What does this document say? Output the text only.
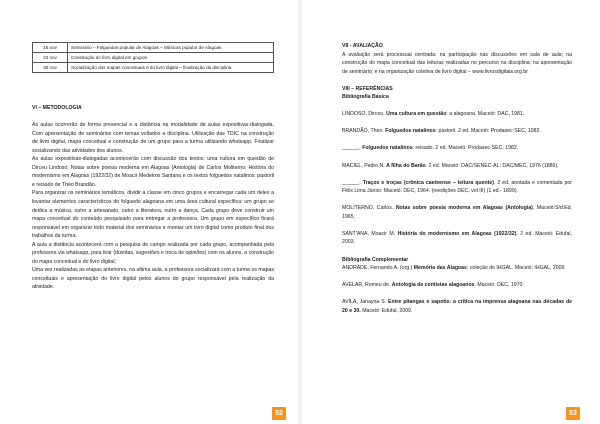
16 nov	Seminário – Folguedos popular de Alagoas – Músicas popular de Alagoas
23 nov	Construção do livro digital em grupos.
30 nov	Socialização dos mapas conceituais e do livro digital – finalização da disciplina.
VI – METODOLOGIA

As aulas ocorrerão de forma presencial e a distância na modalidade de aulas expositivas-dialogada. Com apresentação de seminários com temas voltados a disciplina. Utilização das TDIC na construção de livro digital, mapa conceitual e construção de um grupo para a turma utilizando whatsapp. Finalizar socializando das atividades dos alunos.

As aulas expositivas-dialogadas acontecerão com discussão dos textos: uma cultura em questão de Dirceu Lindoso; Notas sobre poesia moderna em Alagoas (Antologia) de Carlos Moliterno; História do modernismo em Alagoas (1922/32) de Moacir Medeiros Santana e os textos folguedos natalinos: pastoril e reisado de Théo Brandão.

Para organizar os seminários temáticos, dividir a classe em cinco grupos e encarregar cada um deles a levantar elementos característicos do folguedo alagoana em uma área cultural específica: um grupo se dedica a música, outro a artesanato, outro a literatura, outro a dança. Cada grupo deve construir um mapa conceitual do conteúdo pesquisado para entregar a professora. Um grupo em específico ficará responsável em organizar todo material dos seminários e montar um livro digital como produto final dos trabalhos da turma;

A aula a distância acontecerá com a pesquisa de campo realizada por cada grupo, acompanhada pela professora via whatsapp, para tirar (dúvidas, sugestões e troca de opiniões) com os alunos, a construção do mapa conceitual e do livro digital;

Uma vez realizadas as etapas anteriores, na ultima aula, a professora socializará com a turma os mapas conceituais e apresentação do livro digital pelos alunos do grupo responsável pela realização da atividade.

52
VII - AVALIAÇÃO

A avaliação será processual centrada: na participação nas discussões em sala de aula; na construção do mapa conceitual das leituras realizadas no percurso na disciplina; na apresentação de seminário; e na organização coletiva de livro digital – www.livrosdigitais.org.br

VIII – REFERÊNCIAS
Bibliografia Básica

LINDOSO, Dirceu. Uma cultura em questão: a alagoana. Maceió: DAC, 1981.

BRANDÃO, Theo. Folguedos natalinos: pastoril. 2 ed. Maceió: Prodasec-SEC, 1982.

______. Folguedos natalinos: reisado. 2 ed. Maceió: Prodasec-SEC, 1982.

MACIEL, Pedro N. A filha do Barão. 2 ed. Maceió: DAC/SENEC-AL; DAC/MEC, 1976 (1886).

______. Traços e troças (crônica caeteense – leitura quente). 2 ed. anotada e comentada por Félix Lima Júnior. Maceió: DEC, 1964. (reedições DEC, vol III) (1 ed.- 1899).

MOLITERNO, Carlos. Notas sobre poesia moderna em Alagoas (Antologia). Maceió:S/d:Ed, 1965.

SANT'ANA, Moacir M. História do modernismo em Alagoas (1922/32). 2 ed. Maceió: Edufal, 2003.

Bibliografia Complementar

ANDRADE, Fernando A. (org.) Memória das Alagoas: coleção do IHGAL. Maceió: IHGAL, 2009.

AVELAR, Romeu de. Antologia de contistas alagoanos. Maceió: DEC, 1970.

AVILA, Janayna S. Entre pitangas e sapotis: a crítica na imprensa alagoana nas décadas de 20 e 30. Maceió: Edufal, 2009.

53
